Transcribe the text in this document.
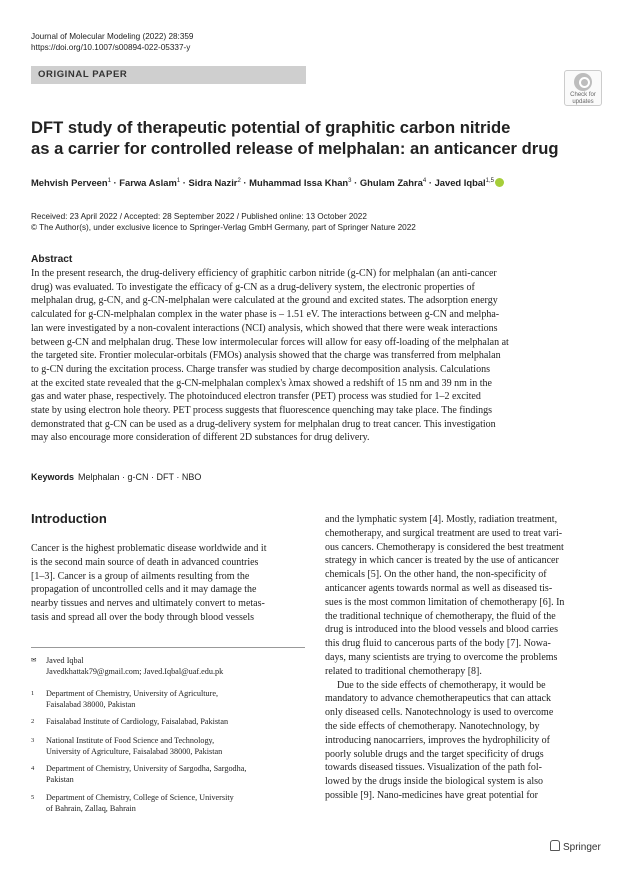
Journal of Molecular Modeling (2022) 28:359
https://doi.org/10.1007/s00894-022-05337-y
ORIGINAL PAPER
Check for
updates
DFT study of therapeutic potential of graphitic carbon nitride
as a carrier for controlled release of melphalan: an anticancer drug
Mehvish Perveen$^1$ · Farwa Aslam$^1$ · Sidra Nazir$^2$ · Muhammad Issa Khan$^3$ · Ghulam Zahra$^4$ · Javed Iqbal$^{1,5}$
Received: 23 April 2022 / Accepted: 28 September 2022 / Published online: 13 October 2022
© The Author(s), under exclusive licence to Springer-Verlag GmbH Germany, part of Springer Nature 2022
Abstract
In the present research, the drug-delivery efficiency of graphitic carbon nitride (g-CN) for melphalan (an anti-cancer
drug) was evaluated. To investigate the efficacy of g-CN as a drug-delivery system, the electronic properties of
melphalan drug, g-CN, and g-CN-melphalan were calculated at the ground and excited states. The adsorption energy
calculated for g-CN-melphalan complex in the water phase is – 1.51 eV. The interactions between g-CN and melpha-
lan were investigated by a non-covalent interactions (NCI) analysis, which showed that there were weak interactions
between g-CN and melphalan drug. These low intermolecular forces will allow for easy off-loading of the melphalan at
the targeted site. Frontier molecular-orbitals (FMOs) analysis showed that the charge was transferred from melphalan
to g-CN during the excitation process. Charge transfer was studied by charge decomposition analysis. Calculations
at the excited state revealed that the g-CN-melphalan complex's λmax showed a redshift of 15 nm and 39 nm in the
gas and water phase, respectively. The photoinduced electron transfer (PET) process was studied for 1–2 excited
state by using electron hole theory. PET process suggests that fluorescence quenching may take place. The findings
demonstrated that g-CN can be used as a drug-delivery system for melphalan drug to treat cancer. This investigation
may also encourage more consideration of different 2D substances for drug delivery.
Keywords Melphalan · g-CN · DFT · NBO
Introduction
Cancer is the highest problematic disease worldwide and it
is the second main source of death in advanced countries
[1–3]. Cancer is a group of ailments resulting from the
propagation of uncontrolled cells and it may damage the
nearby tissues and nerves and ultimately convert to metas-
tasis and spread all over the body through blood vessels
✉ Javed Iqbal
Javedkhattak79@gmail.com; Javed.Iqbal@uaf.edu.pk
1 Department of Chemistry, University of Agriculture,
Faisalabad 38000, Pakistan
2 Faisalabad Institute of Cardiology, Faisalabad, Pakistan
3 National Institute of Food Science and Technology,
University of Agriculture, Faisalabad 38000, Pakistan
4 Department of Chemistry, University of Sargodha, Sargodha,
Pakistan
5 Department of Chemistry, College of Science, University
of Bahrain, Zallaq, Bahrain
and the lymphatic system [4]. Mostly, radiation treatment,
chemotherapy, and surgical treatment are used to treat vari-
ous cancers. Chemotherapy is considered the best treatment
strategy in which cancer is treated by the use of anticancer
chemicals [5]. On the other hand, the non-specificity of
anticancer agents towards normal as well as diseased tis-
sues is the most common limitation of chemotherapy [6]. In
the traditional technique of chemotherapy, the fluid of the
drug is introduced into the blood vessels and blood carries
this drug fluid to cancerous parts of the body [7]. Nowa-
days, many scientists are trying to overcome the problems
related to traditional chemotherapy [8].
Due to the side effects of chemotherapy, it would be
mandatory to advance chemotherapeutics that can attack
only diseased cells. Nanotechnology is used to overcome
the side effects of chemotherapy. Nanotechnology, by
introducing nanocarriers, improves the hydrophilicity of
poorly soluble drugs and the target specificity of drugs
towards diseased tissues. Visualization of the path fol-
lowed by the drugs inside the biological system is also
possible [9]. Nano-medicines have great potential for
Springer
